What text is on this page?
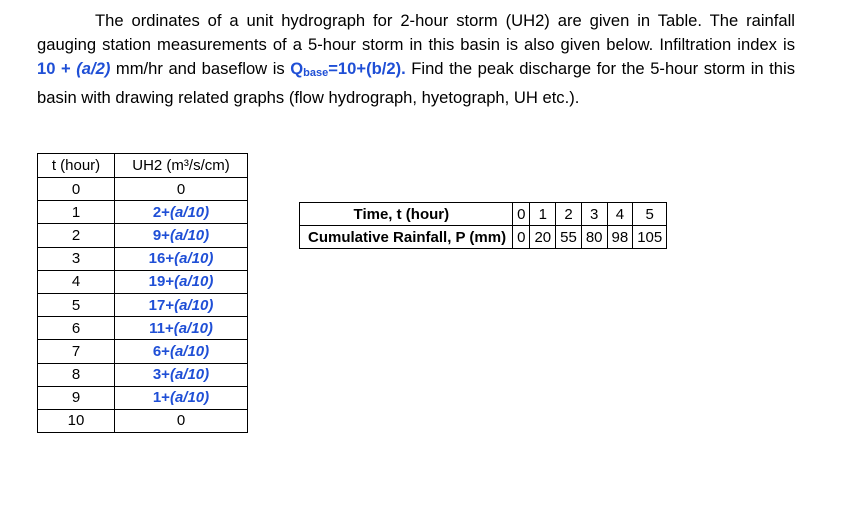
The ordinates of a unit hydrograph for 2-hour storm (UH2) are given in Table. The rainfall gauging station measurements of a 5-hour storm in this basin is also given below. Infiltration index is 10 + (a/2) mm/hr and baseflow is Qbase=10+(b/2). Find the peak discharge for the 5-hour storm in this basin with drawing related graphs (flow hydrograph, hyetograph, UH etc.).
t (hour)	UH2 (m³/s/cm)
0	0
1	2+(a/10)
2	9+(a/10)
3	16+(a/10)
4	19+(a/10)
5	17+(a/10)
6	11+(a/10)
7	6+(a/10)
8	3+(a/10)
9	1+(a/10)
10	0
Time, t (hour)	0	1	2	3	4	5
Cumulative Rainfall, P (mm)	0	20	55	80	98	105
